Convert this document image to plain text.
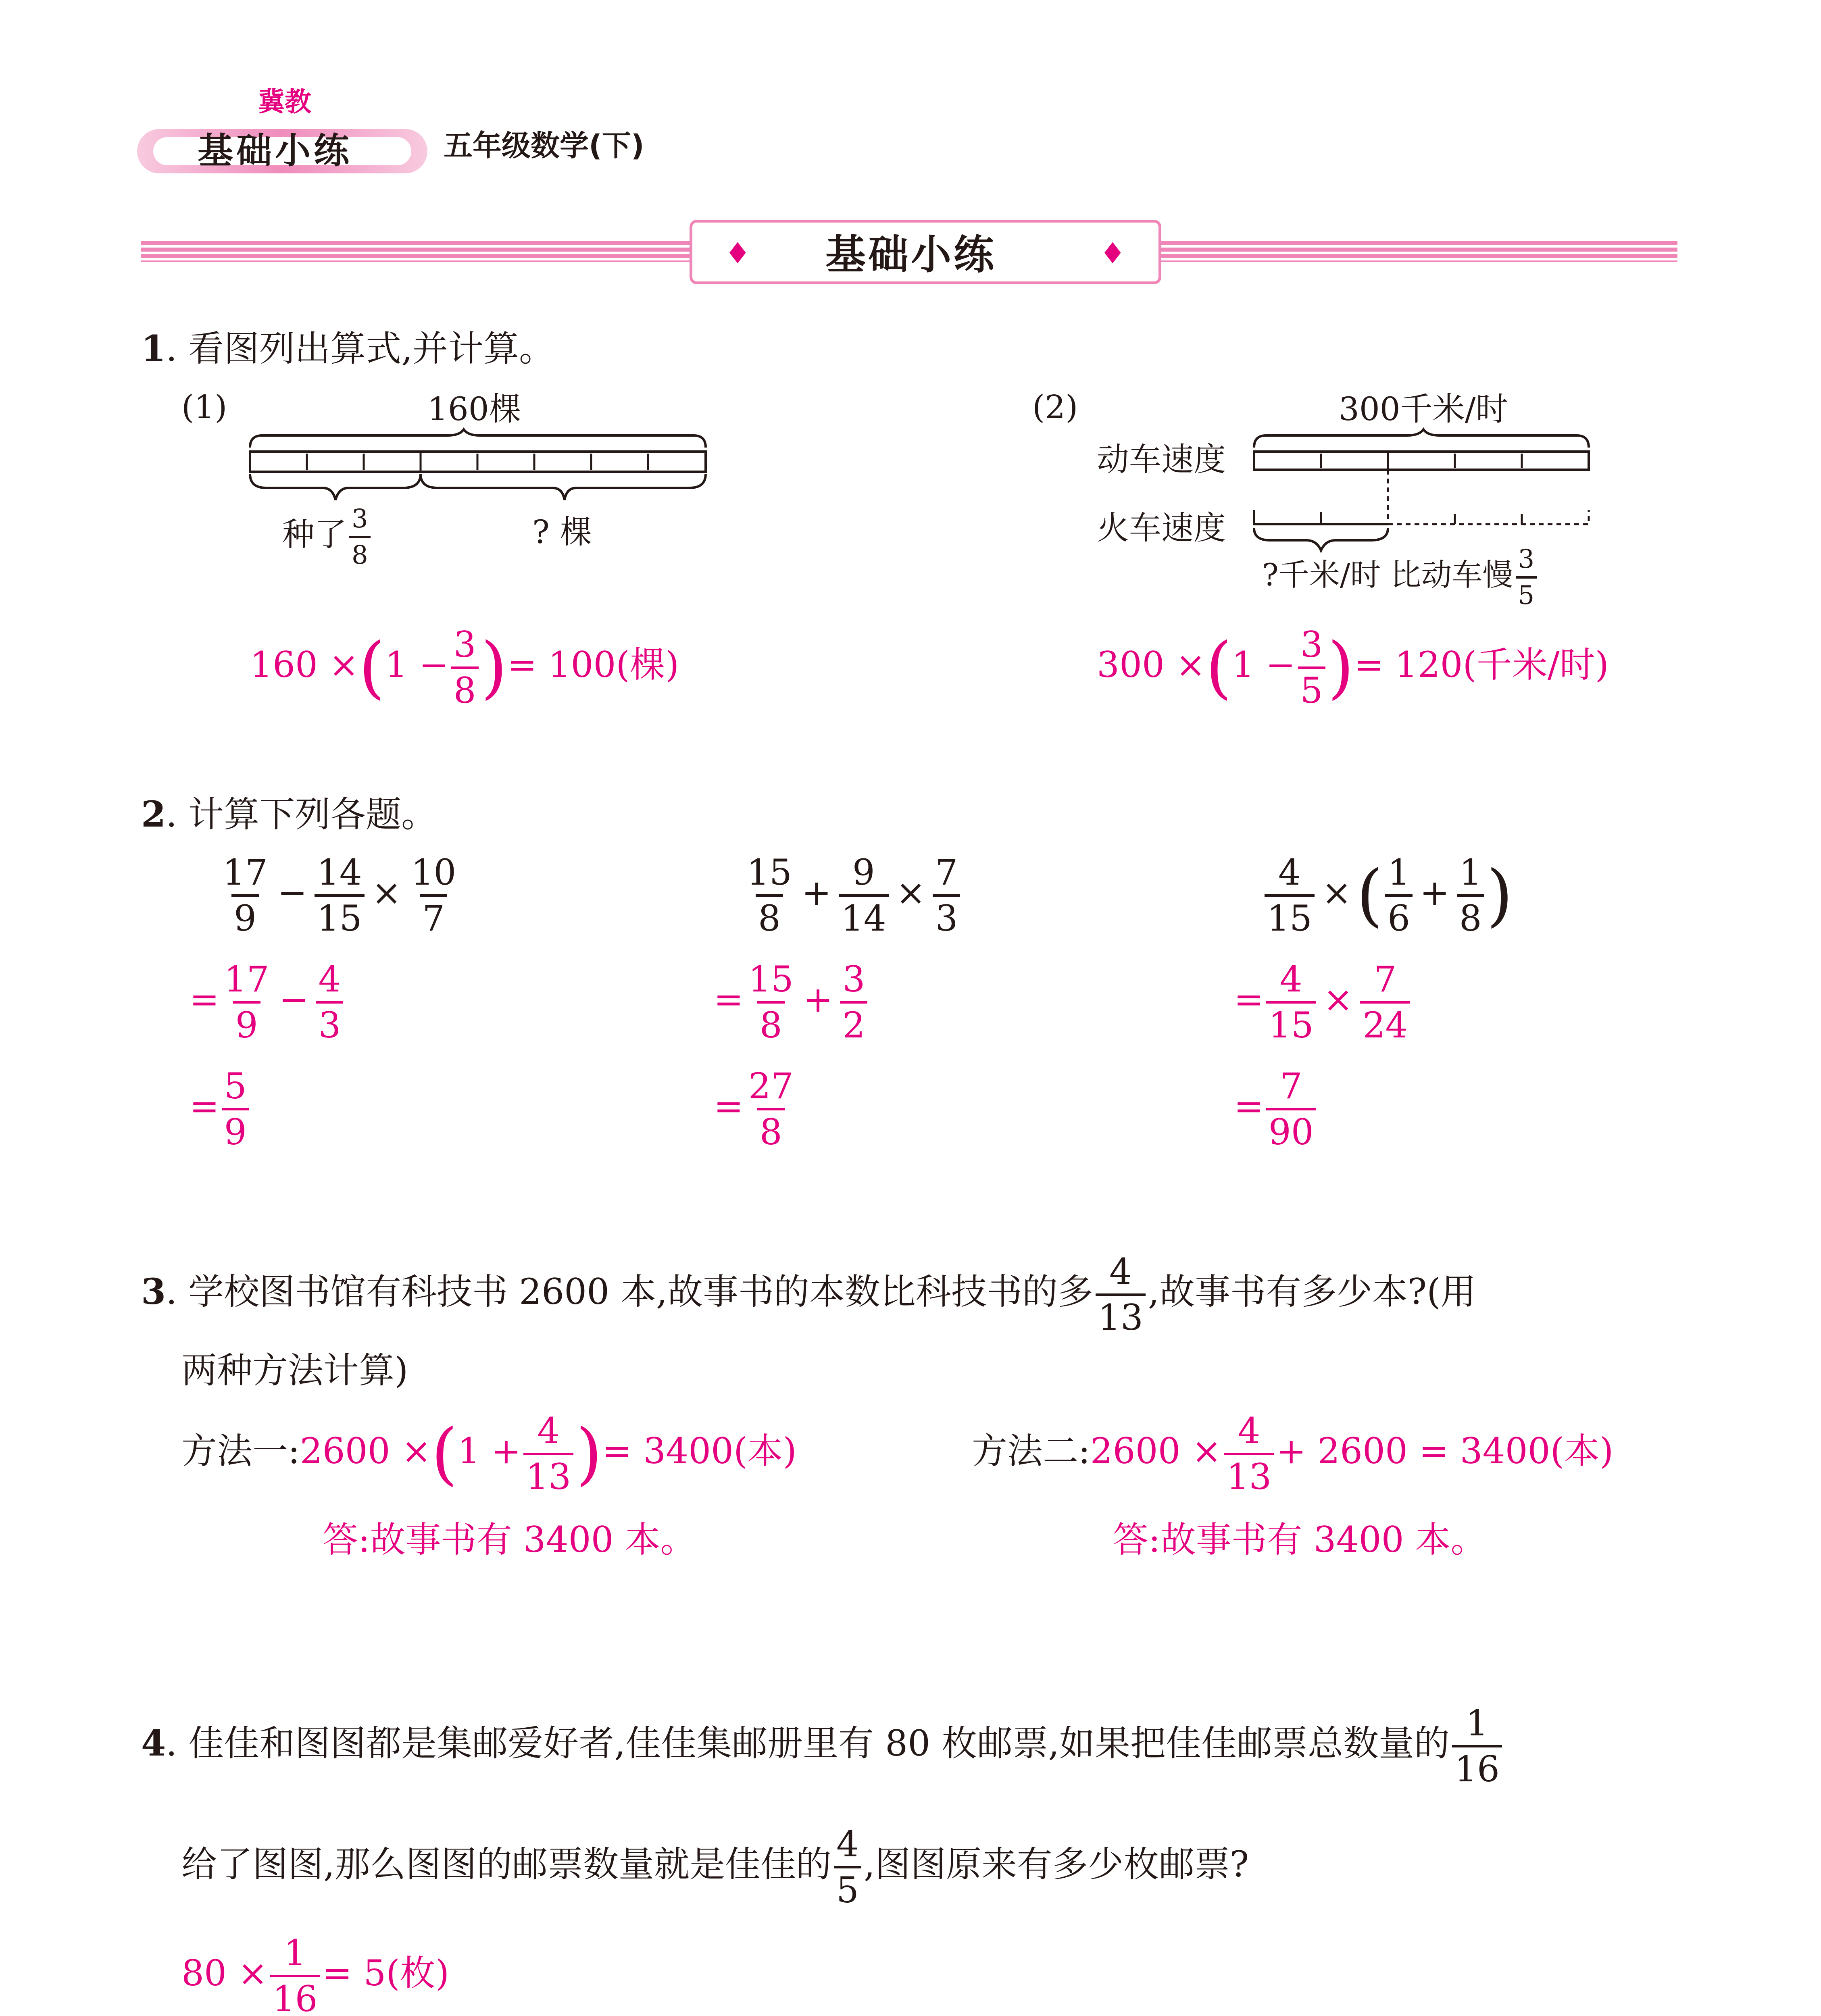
冀教
基础小练	五年级数学(下)
♦ 基础小练	♦
1. 看图列出算式,并计算。
(1)	160棵
种了 $\frac{3}{8}$	? 棵
$160 \times(1 - \frac{3}{8}$ )= 100(棵)
(2)	300千米/时
动车速度
火车速度
?千米/时 比动车慢 $\frac{3}{5}$
$300 \times(1 - \frac{3}{5}$ )= 120(千米/时)
2. 计算下列各题。
$\frac{17}{9} - \frac{14}{15} \times \frac{10}{7}$
= $\frac{17}{9} - \frac{4}{3}$
= $\frac{5}{9}$
$\frac{15}{8} + \frac{9}{14} \times \frac{7}{3}$
= $\frac{15}{8} + \frac{3}{2}$
= $\frac{27}{8}$
$\frac{4}{15}$ ×( $\frac{1}{6} + \frac{1}{8}$ )
= $\frac{4}{15} \times \frac{7}{24}$
= $\frac{7}{90}$
3. 学校图书馆有科技书 2600 本,故事书的本数比科技书的多 $\frac{4}{13}$ ,故事书有多少本?(用
两种方法计算)
方法一:2600 $\times(1 + \frac{4}{13}$ )= 3400(本)
答:故事书有 3400 本。
方法二:2600 × $\frac{4}{13} + 2600 = 3400$(本)
答:故事书有 3400 本。
4. 佳佳和图图都是集邮爱好者,佳佳集邮册里有 80 枚邮票,如果把佳佳邮票总数量的 $\frac{1}{16}$
给了图图,那么图图的邮票数量就是佳佳的 $\frac{4}{5}$ ,图图原来有多少枚邮票?
$80 \times \frac{1}{16} = 5$(枚)
